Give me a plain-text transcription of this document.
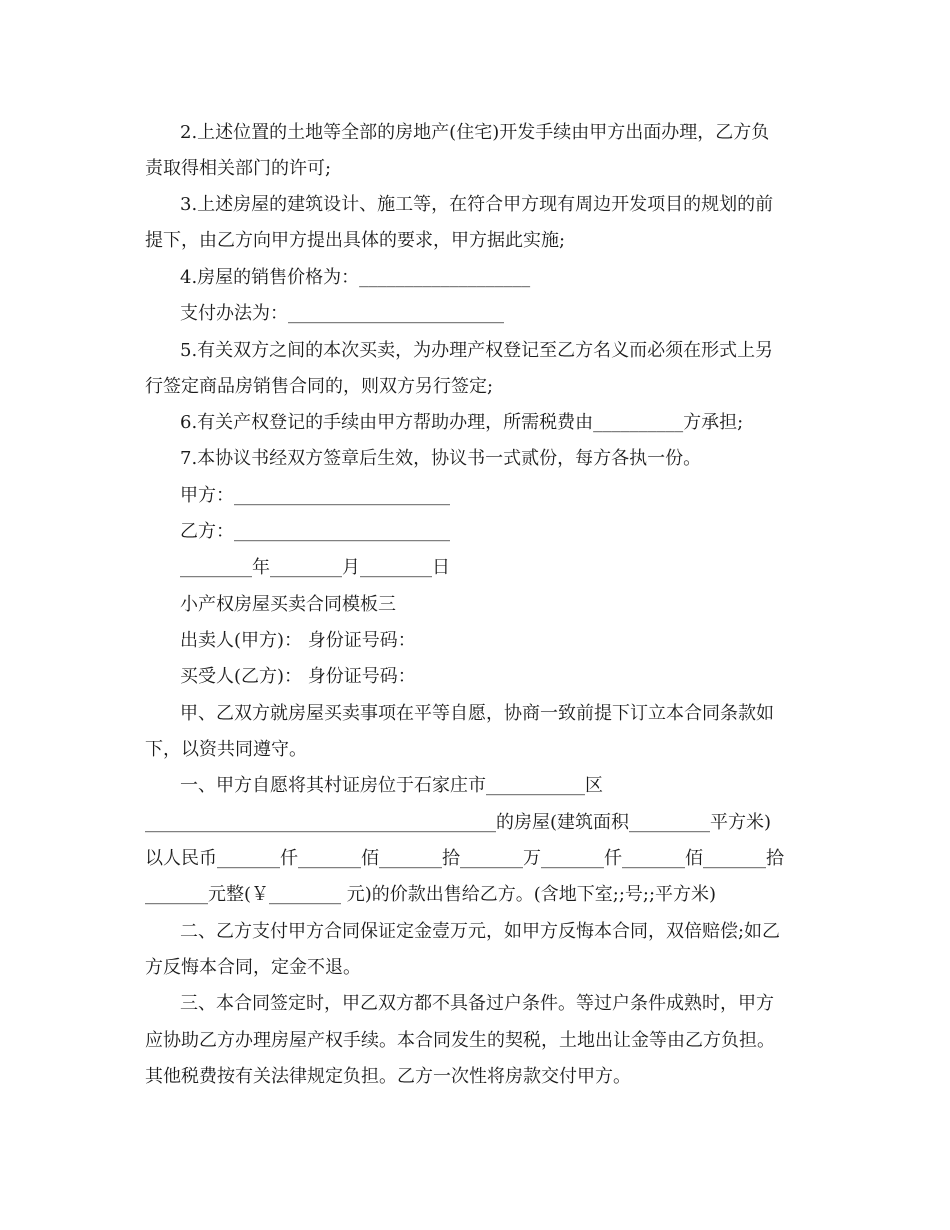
2.上述位置的土地等全部的房地产(住宅)开发手续由甲方出面办理，乙方负
责取得相关部门的许可;
3.上述房屋的建筑设计、施工等，在符合甲方现有周边开发项目的规划的前
提下，由乙方向甲方提出具体的要求，甲方据此实施;
4.房屋的销售价格为：___________________
支付办法为：________________________
5.有关双方之间的本次买卖，为办理产权登记至乙方名义而必须在形式上另
行签定商品房销售合同的，则双方另行签定;
6.有关产权登记的手续由甲方帮助办理，所需税费由__________方承担;
7.本协议书经双方签章后生效，协议书一式贰份，每方各执一份。
甲方：________________________
乙方：________________________
________年________月________日
小产权房屋买卖合同模板三
出卖人(甲方)： 身份证号码：
买受人(乙方)： 身份证号码：
甲、乙双方就房屋买卖事项在平等自愿，协商一致前提下订立本合同条款如
下，以资共同遵守。
一、甲方自愿将其村证房位于石家庄市___________区
_______________________________________的房屋(建筑面积_________平方米)
以人民币_______仟_______佰_______拾_______万_______仟_______佰_______拾
_______元整(￥________ 元)的价款出售给乙方。(含地下室;;号;;平方米)
二、乙方支付甲方合同保证定金壹万元，如甲方反悔本合同，双倍赔偿;如乙
方反悔本合同，定金不退。
三、本合同签定时，甲乙双方都不具备过户条件。等过户条件成熟时，甲方
应协助乙方办理房屋产权手续。本合同发生的契税，土地出让金等由乙方负担。
其他税费按有关法律规定负担。乙方一次性将房款交付甲方。
